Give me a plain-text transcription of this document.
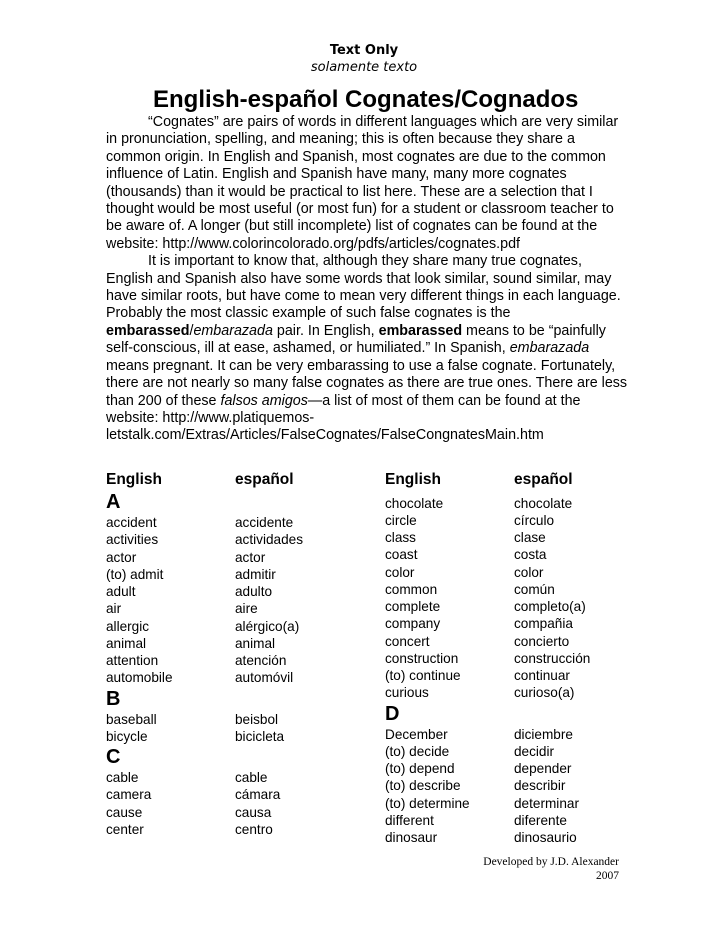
Text Only
solamente texto
English-español Cognates/Cognados

“Cognates” are pairs of words in different languages which are very similar in pronunciation, spelling, and meaning; this is often because they share a common origin. In English and Spanish, most cognates are due to the common influence of Latin. English and Spanish have many, many more cognates (thousands) than it would be practical to list here. These are a selection that I thought would be most useful (or most fun) for a student or classroom teacher to be aware of. A longer (but still incomplete) list of cognates can be found at the website: http://www.colorincolorado.org/pdfs/articles/cognates.pdf

It is important to know that, although they share many true cognates, English and Spanish also have some words that look similar, sound similar, may have similar roots, but have come to mean very different things in each language. Probably the most classic example of such false cognates is the embarassed/embarazada pair. In English, embarassed means to be “painfully self-conscious, ill at ease, ashamed, or humiliated.” In Spanish, embarazada means pregnant. It can be very embarassing to use a false cognate. Fortunately, there are not nearly so many false cognates as there are true ones. There are less than 200 of these falsos amigos—a list of most of them can be found at the website: http://www.platiquemos-letstalk.com/Extras/Articles/FalseCognates/FalseCongnatesMain.htm

English
A
accident
activities
actor
(to) admit
adult
air
allergic
animal
attention
automobile
B
baseball
bicycle
C
cable
camera
cause
center
español
accidente
actividades
actor
admitir
adulto
aire
alérgico(a)
animal
atención
automóvil
beisbol
bicicleta
cable
cámara
causa
centro
English
chocolate
circle
class
coast
color
common
complete
company
concert
construction
(to) continue
curious
D
December
(to) decide
(to) depend
(to) describe
(to) determine
different
dinosaur
español
chocolate
círculo
clase
costa
color
común
completo(a)
compañia
concierto
construcción
continuar
curioso(a)
diciembre
decidir
depender
describir
determinar
diferente
dinosaurio
Developed by J.D. Alexander
2007
